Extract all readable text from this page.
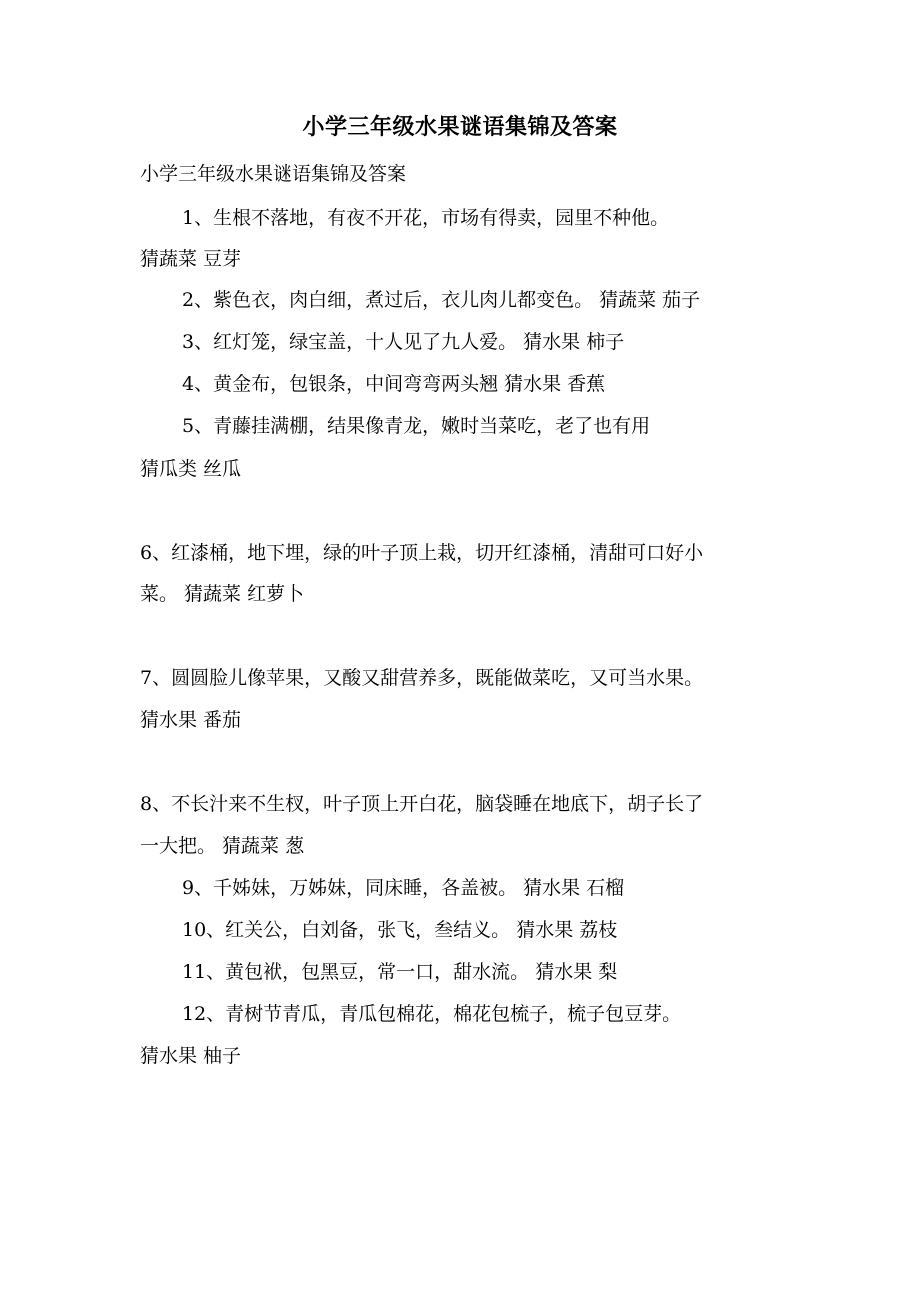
小学三年级水果谜语集锦及答案
小学三年级水果谜语集锦及答案
1、生根不落地，有夜不开花，市场有得卖，园里不种他。
猜蔬菜 豆芽
2、紫色衣，肉白细，煮过后，衣儿肉儿都变色。 猜蔬菜 茄子
3、红灯笼，绿宝盖，十人见了九人爱。 猜水果 柿子
4、黄金布，包银条，中间弯弯两头翘 猜水果 香蕉
5、青藤挂满棚，结果像青龙，嫩时当菜吃，老了也有用
猜瓜类 丝瓜
6、红漆桶，地下埋，绿的叶子顶上栽，切开红漆桶，清甜可口好小
菜。 猜蔬菜 红萝卜
7、圆圆脸儿像苹果，又酸又甜营养多，既能做菜吃，又可当水果。
猜水果 番茄
8、不长汁来不生杈，叶子顶上开白花，脑袋睡在地底下，胡子长了
一大把。 猜蔬菜 葱
9、千姊妹，万姊妹，同床睡，各盖被。 猜水果 石榴
10、红关公，白刘备，张飞，叁结义。 猜水果 荔枝
11、黄包袱，包黑豆，常一口，甜水流。 猜水果 梨
12、青树节青瓜，青瓜包棉花，棉花包梳子，梳子包豆芽。
猜水果 柚子
